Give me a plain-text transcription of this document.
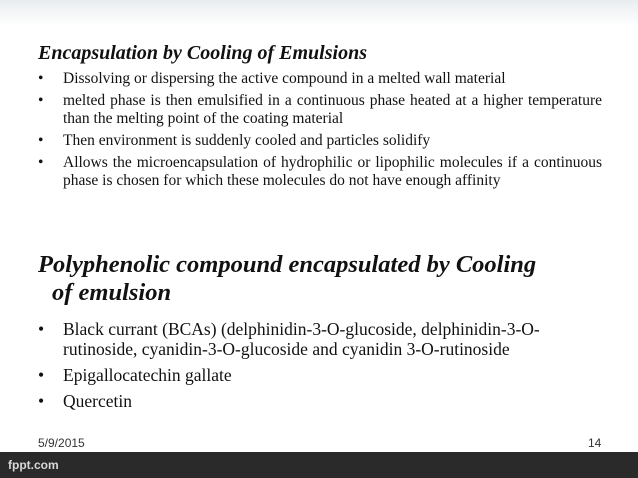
Encapsulation by Cooling of Emulsions
• Dissolving or dispersing the active compound in a melted wall material
• melted phase is then emulsified in a continuous phase heated at a higher temperature than the melting point of the coating material
• Then environment is suddenly cooled and particles solidify
• Allows the microencapsulation of hydrophilic or lipophilic molecules if a continuous phase is chosen for which these molecules do not have enough affinity
Polyphenolic compound encapsulated by Cooling
of emulsion
• Black currant (BCAs) (delphinidin-3-O-glucoside, delphinidin-3-O-rutinoside, cyanidin-3-O-glucoside and cyanidin 3-O-rutinoside
• Epigallocatechin gallate
• Quercetin
5/9/2015	14
fppt.com
